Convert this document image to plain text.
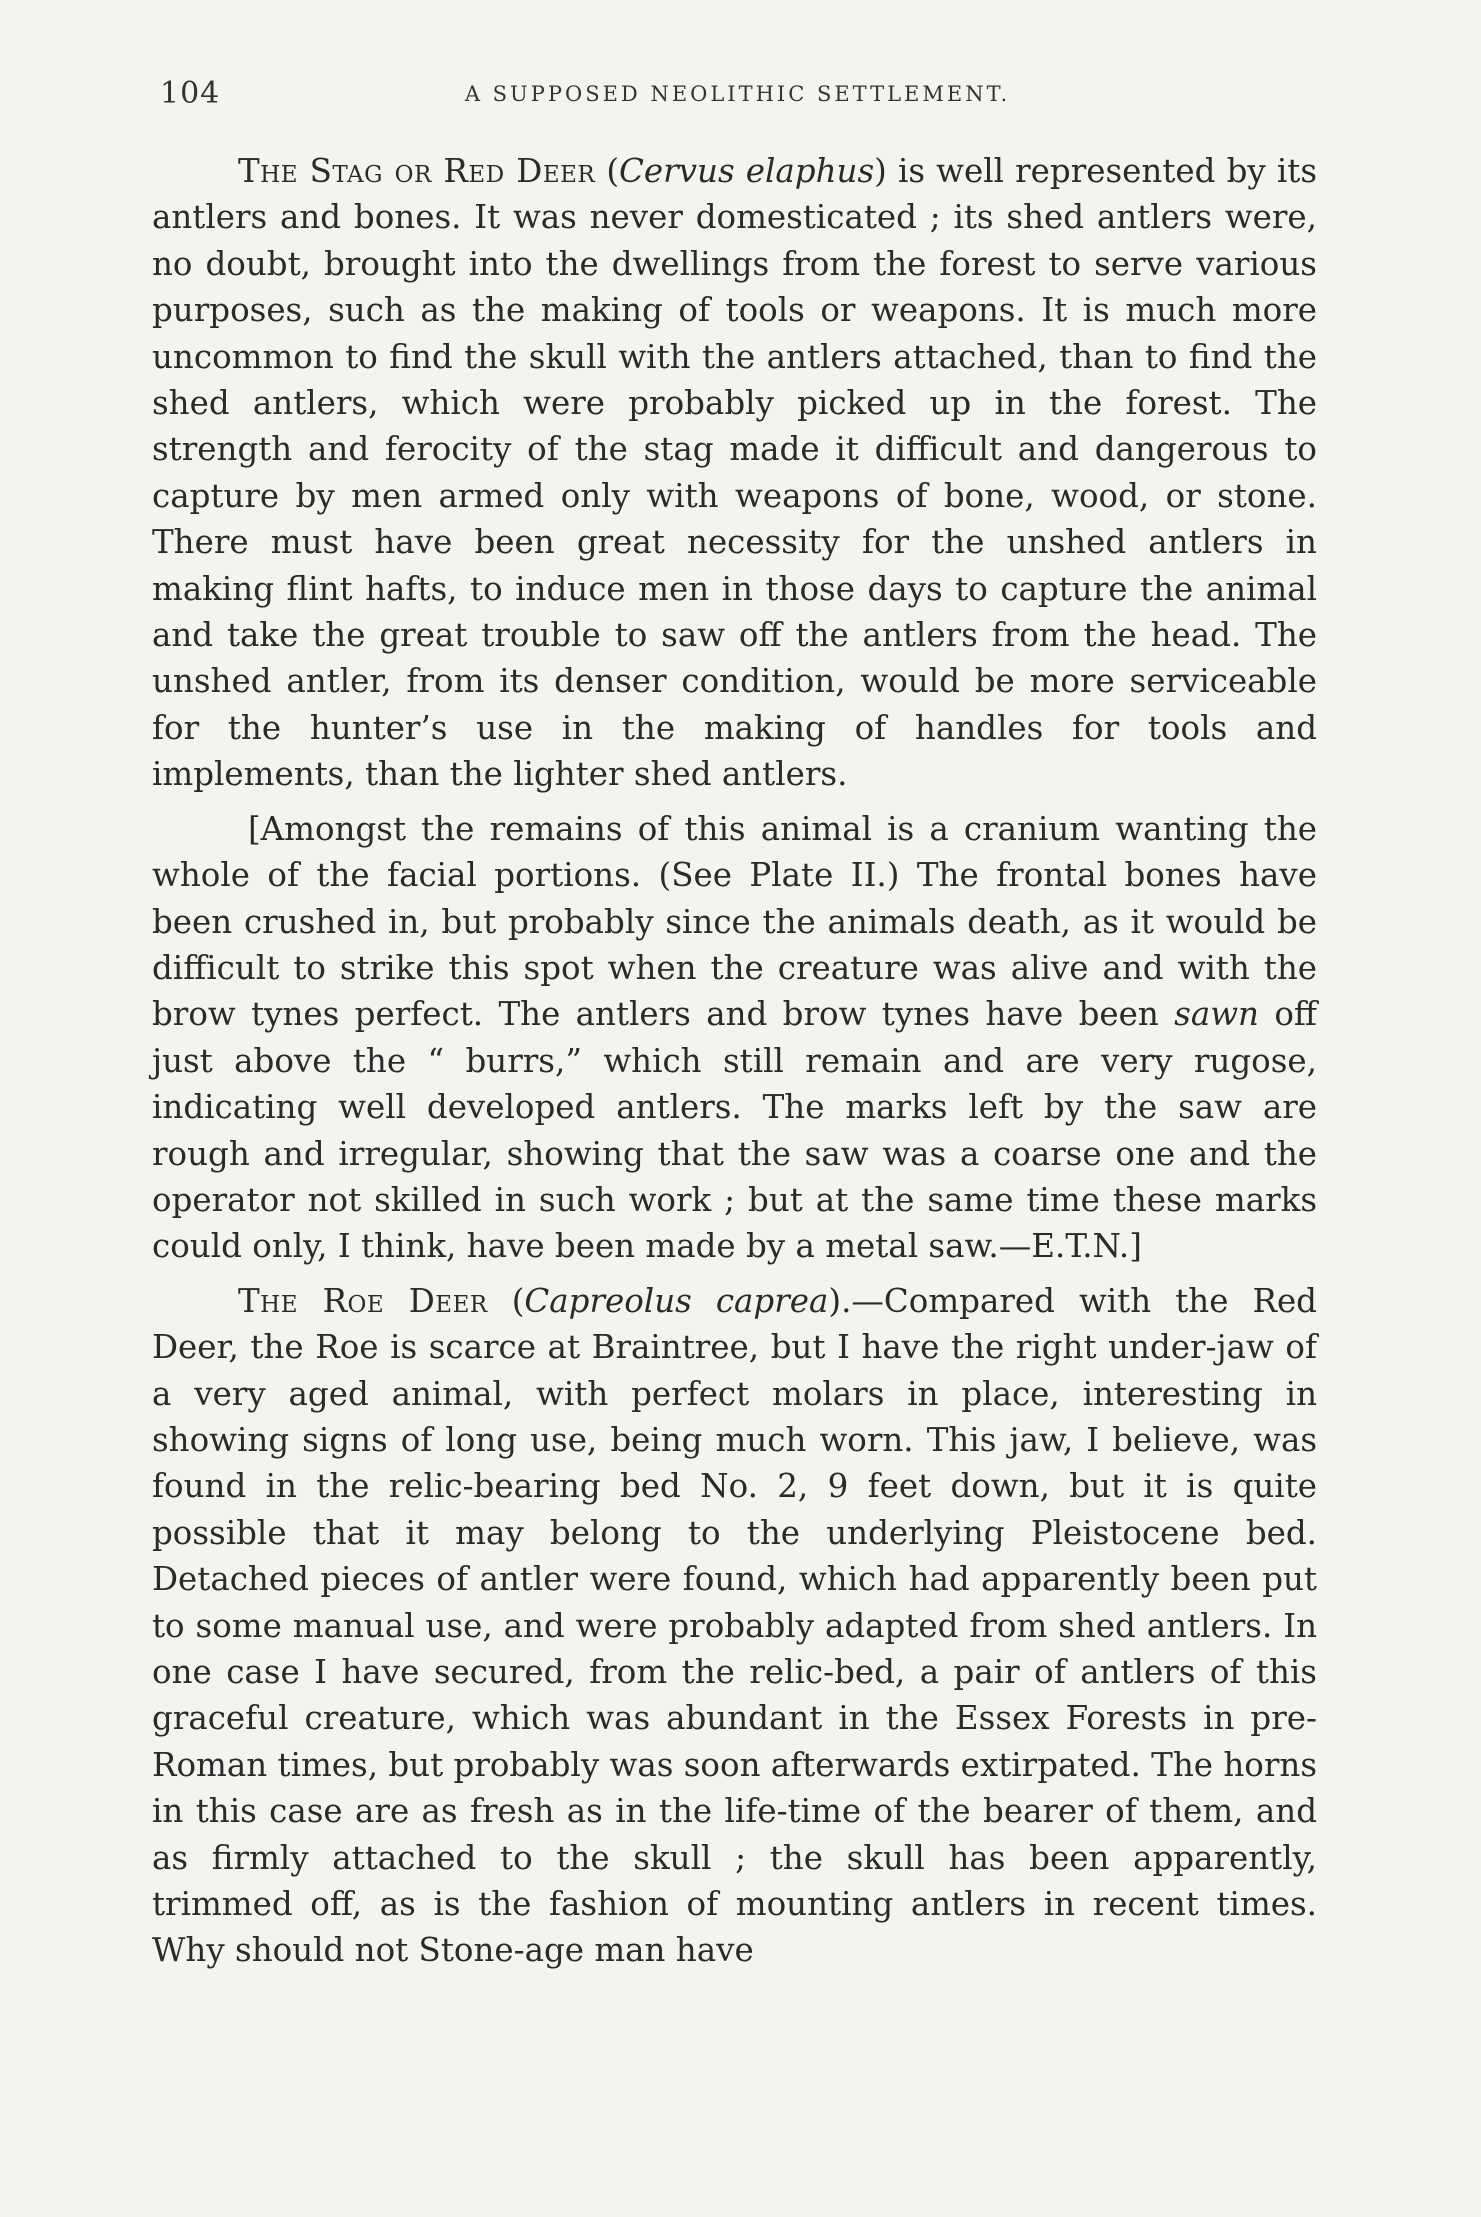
104	A SUPPOSED NEOLITHIC SETTLEMENT.

The Stag or Red Deer (Cervus elaphus) is well represented by its antlers and bones. It was never domesticated ; its shed antlers were, no doubt, brought into the dwellings from the forest to serve various purposes, such as the making of tools or weapons. It is much more uncommon to find the skull with the antlers attached, than to find the shed antlers, which were probably picked up in the forest. The strength and ferocity of the stag made it difficult and dangerous to capture by men armed only with weapons of bone, wood, or stone. There must have been great necessity for the unshed antlers in making flint hafts, to induce men in those days to capture the animal and take the great trouble to saw off the antlers from the head. The unshed antler, from its denser condition, would be more serviceable for the hunter’s use in the making of handles for tools and implements, than the lighter shed antlers.

[Amongst the remains of this animal is a cranium wanting the whole of the facial portions. (See Plate II.) The frontal bones have been crushed in, but probably since the animals death, as it would be difficult to strike this spot when the creature was alive and with the brow tynes perfect. The antlers and brow tynes have been sawn off just above the “ burrs,” which still remain and are very rugose, indicating well developed antlers. The marks left by the saw are rough and irregular, showing that the saw was a coarse one and the operator not skilled in such work ; but at the same time these marks could only, I think, have been made by a metal saw.—E.T.N.]

The Roe Deer (Capreolus caprea).—Compared with the Red Deer, the Roe is scarce at Braintree, but I have the right under-jaw of a very aged animal, with perfect molars in place, interesting in showing signs of long use, being much worn. This jaw, I believe, was found in the relic-bearing bed No. 2, 9 feet down, but it is quite possible that it may belong to the underlying Pleistocene bed. Detached pieces of antler were found, which had apparently been put to some manual use, and were probably adapted from shed antlers. In one case I have secured, from the relic-bed, a pair of antlers of this graceful creature, which was abundant in the Essex Forests in pre-Roman times, but probably was soon afterwards extirpated. The horns in this case are as fresh as in the life-time of the bearer of them, and as firmly attached to the skull ; the skull has been apparently, trimmed off, as is the fashion of mounting antlers in recent times. Why should not Stone-age man have
